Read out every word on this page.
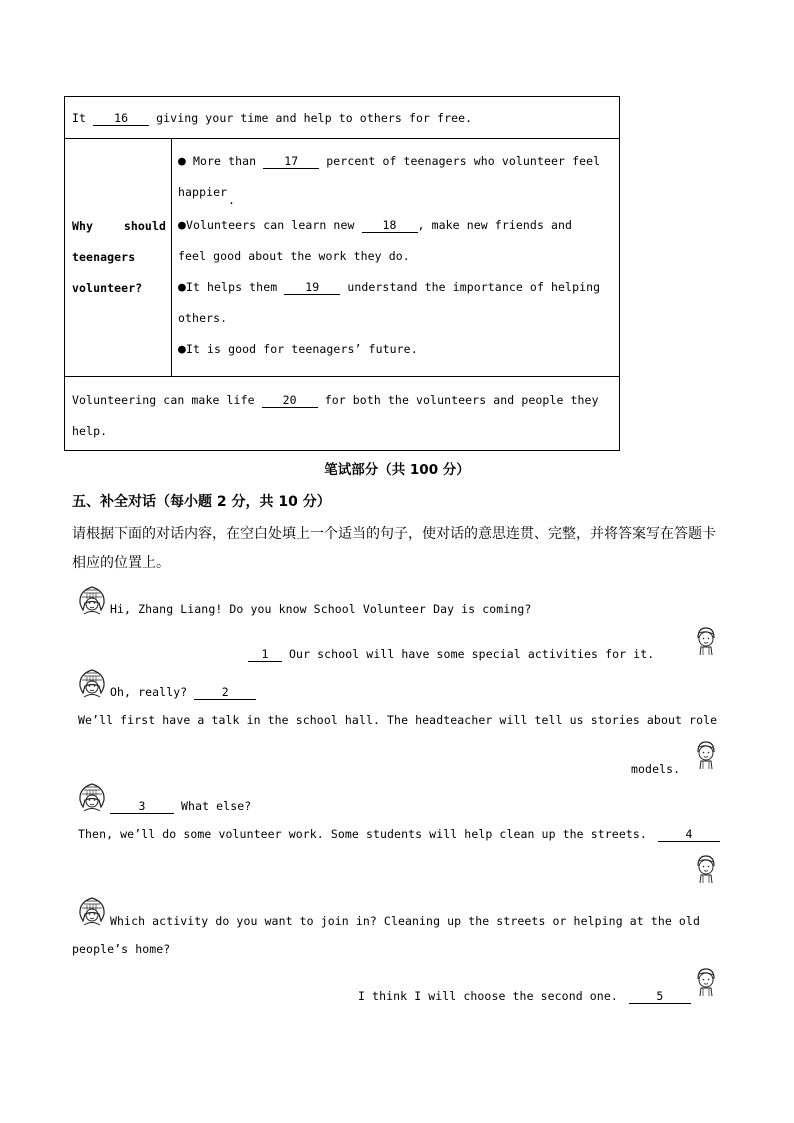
It 16 giving your time and help to others for free.

Why	should
teenagers
volunteer?

● More than 17 percent of teenagers who volunteer feel
happier
.
●Volunteers can learn new 18 , make new friends and
feel good about the work they do.
●It helps them 19 understand the importance of helping
others.
●It is good for teenagers’ future.

Volunteering can make life 20 for both the volunteers and people they
help.
笔试部分（共 100 分）
五、补全对话（每小题 2 分，共 10 分）
请根据下面的对话内容，在空白处填上一个适当的句子，使对话的意思连贯、完整，并将答案写在答题卡
相应的位置上。
Hi, Zhang Liang! Do you know School Volunteer Day is coming?
1 Our school will have some special activities for it.
Oh, really?	2
We’ll first have a talk in the school hall. The headteacher will tell us stories about role
models.
3	What else?
Then, we’ll do some volunteer work. Some students will help clean up the streets.	4
Which activity do you want to join in? Cleaning up the streets or helping at the old
people’s home?
I think I will choose the second one.	5
